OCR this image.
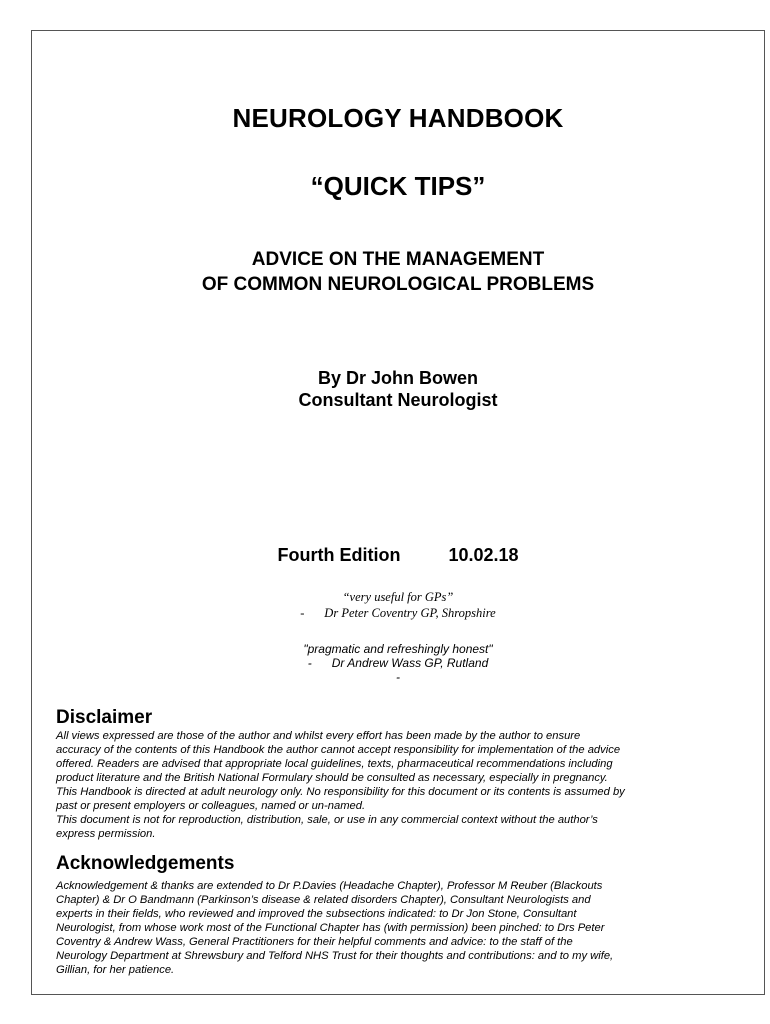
NEUROLOGY HANDBOOK
“QUICK TIPS”
ADVICE ON THE MANAGEMENT
OF COMMON NEUROLOGICAL PROBLEMS
By Dr John Bowen
Consultant Neurologist
Fourth Edition	10.02.18
“very useful for GPs”
- Dr Peter Coventry GP, Shropshire
"pragmatic and refreshingly honest"
- Dr Andrew Wass GP, Rutland
-
Disclaimer
All views expressed are those of the author and whilst every effort has been made by the author to ensure
accuracy of the contents of this Handbook the author cannot accept responsibility for implementation of the advice
offered. Readers are advised that appropriate local guidelines, texts, pharmaceutical recommendations including
product literature and the British National Formulary should be consulted as necessary, especially in pregnancy.
This Handbook is directed at adult neurology only. No responsibility for this document or its contents is assumed by
past or present employers or colleagues, named or un-named.
This document is not for reproduction, distribution, sale, or use in any commercial context without the author’s
express permission.
Acknowledgements
Acknowledgement & thanks are extended to Dr P.Davies (Headache Chapter), Professor M Reuber (Blackouts
Chapter) & Dr O Bandmann (Parkinson’s disease & related disorders Chapter), Consultant Neurologists and
experts in their fields, who reviewed and improved the subsections indicated: to Dr Jon Stone, Consultant
Neurologist, from whose work most of the Functional Chapter has (with permission) been pinched: to Drs Peter
Coventry & Andrew Wass, General Practitioners for their helpful comments and advice: to the staff of the
Neurology Department at Shrewsbury and Telford NHS Trust for their thoughts and contributions: and to my wife,
Gillian, for her patience.
